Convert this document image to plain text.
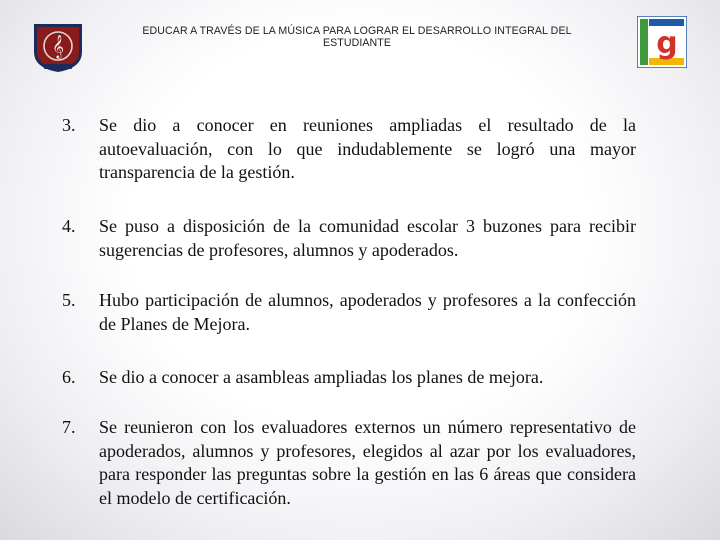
𝄞
EDUCAR A TRAVÉS DE LA MÚSICA PARA LOGRAR EL DESARROLLO INTEGRAL DEL ESTUDIANTE	g
3. Se dio a conocer en reuniones ampliadas el resultado de la autoevaluación, con lo que indudablemente se logró una mayor transparencia de la gestión.
4. Se puso a disposición de la comunidad escolar 3 buzones para recibir sugerencias de profesores, alumnos y apoderados.
5. Hubo participación de alumnos, apoderados y profesores a la confección de Planes de Mejora.
6. Se dio a conocer a asambleas ampliadas los planes de mejora.
7. Se reunieron con los evaluadores externos un número representativo de apoderados, alumnos y profesores, elegidos al azar por los evaluadores, para responder las preguntas sobre la gestión en las 6 áreas que considera el modelo de certificación.
